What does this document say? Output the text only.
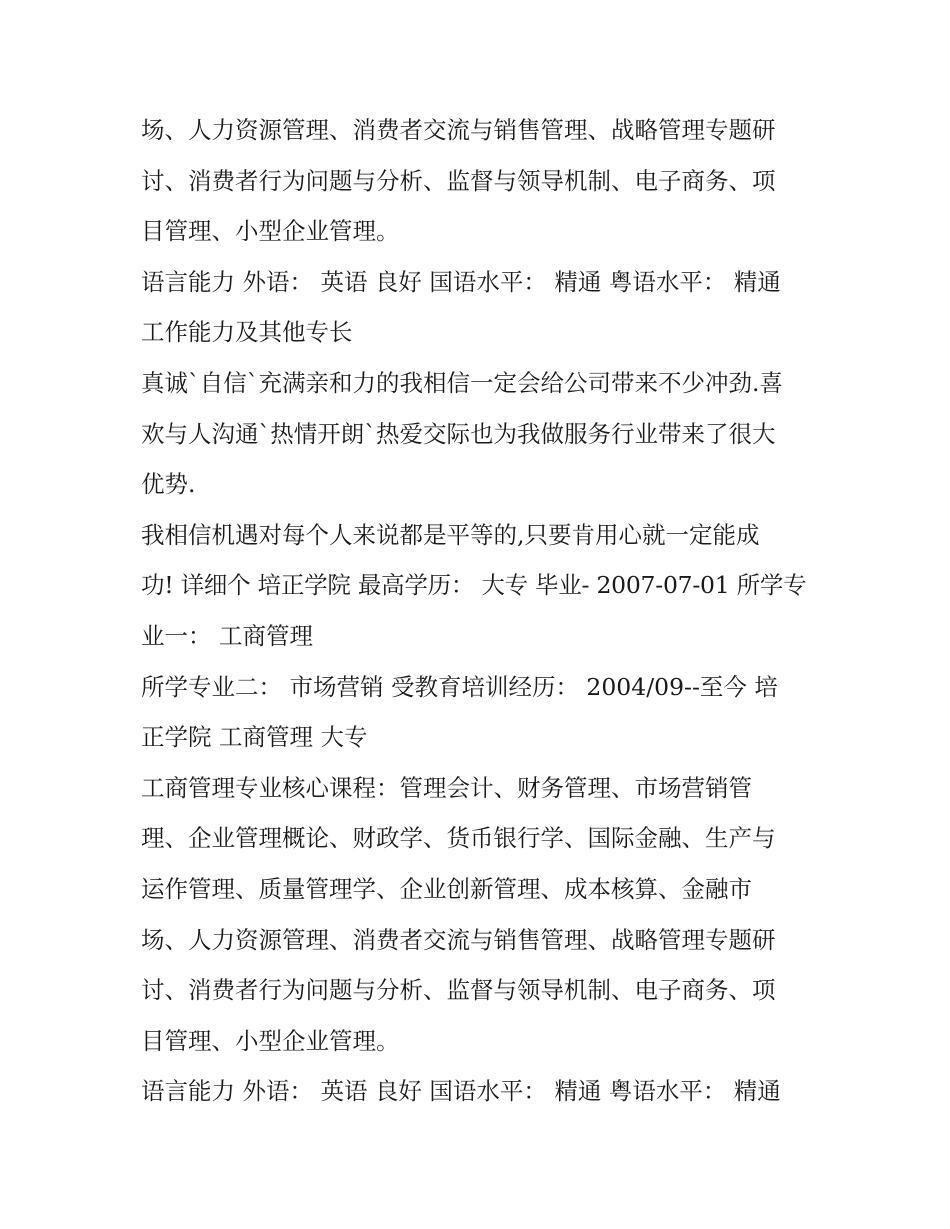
场、人力资源管理、消费者交流与销售管理、战略管理专题研
讨、消费者行为问题与分析、监督与领导机制、电子商务、项
目管理、小型企业管理。
语言能力 外语： 英语 良好 国语水平： 精通 粤语水平： 精通
工作能力及其他专长
真诚`自信`充满亲和力的我相信一定会给公司带来不少冲劲.喜
欢与人沟通`热情开朗`热爱交际也为我做服务行业带来了很大
优势.
我相信机遇对每个人来说都是平等的,只要肯用心就一定能成
功! 详细个 培正学院 最高学历： 大专 毕业- 2007-07-01 所学专
业一： 工商管理
所学专业二： 市场营销 受教育培训经历： 2004/09--至今 培
正学院 工商管理 大专
工商管理专业核心课程：管理会计、财务管理、市场营销管
理、企业管理概论、财政学、货币银行学、国际金融、生产与
运作管理、质量管理学、企业创新管理、成本核算、金融市
场、人力资源管理、消费者交流与销售管理、战略管理专题研
讨、消费者行为问题与分析、监督与领导机制、电子商务、项
目管理、小型企业管理。
语言能力 外语： 英语 良好 国语水平： 精通 粤语水平： 精通
